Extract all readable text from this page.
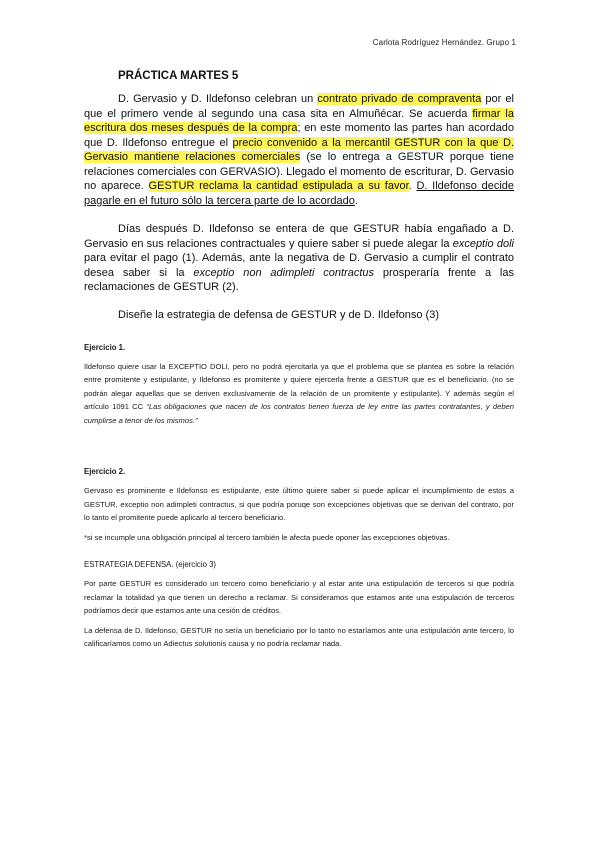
Carlota Rodríguez Hernández. Grupo 1

PRÁCTICA MARTES 5

D. Gervasio y D. Ildefonso celebran un contrato privado de compraventa por el que el primero vende al segundo una casa sita en Almuñécar. Se acuerda firmar la escritura dos meses después de la compra; en este momento las partes han acordado que D. Ildefonso entregue el precio convenido a la mercantil GESTUR con la que D. Gervasio mantiene relaciones comerciales (se lo entrega a GESTUR porque tiene relaciones comerciales con GERVASIO). Llegado el momento de escriturar, D. Gervasio no aparece. GESTUR reclama la cantidad estipulada a su favor. D. Ildefonso decide pagarle en el futuro sólo la tercera parte de lo acordado.

Días después D. Ildefonso se entera de que GESTUR había engañado a D. Gervasio en sus relaciones contractuales y quiere saber si puede alegar la exceptio doli para evitar el pago (1). Además, ante la negativa de D. Gervasio a cumplir el contrato desea saber si la exceptio non adimpleti contractus prosperaría frente a las reclamaciones de GESTUR (2).

Diseñe la estrategia de defensa de GESTUR y de D. Ildefonso (3)

Ejercicio 1.

Ildefonso quiere usar la EXCEPTIO DOLI, pero no podrá ejercitarla ya que el problema que se plantea es sobre la relación entre promitente y estipulante, y Ildefonso es promitente y quiere ejercerla frente a GESTUR que es el beneficiario. (no se podrán alegar aquellas que se deriven exclusivamente de la relación de un promitente y estipulante). Y además según el artículo 1091 CC “Las obligaciones que nacen de los contratos tienen fuerza de ley entre las partes contratantes, y deben cumplirse a tenor de los mismos.”

Ejercicio 2.

Gervaso es prominente e Ildefonso es estipulante, este último quiere saber si puede aplicar el incumplimiento de estos a GESTUR, exceptio non adimpleti contractus, si que podría poruqe son excepciones objetivas que se derivan del contrato, por lo tanto el promitente puede aplicarlo al tercero beneficiario.

*si se incumple una obligación principal al tercero también le afecta puede oponer las excepciones objetivas.

ESTRATEGIA DEFENSA. (ejercicio 3)

Por parte GESTUR es considerado un tercero como beneficiario y al estar ante una estipulación de terceros si que podría reclamar la totalidad ya que tienen un derecho a reclamar. Si consideramos que estamos ante una estipulación de terceros podríamos decir que estamos ante una cesión de créditos.

La defensa de D. Ildefonso, GESTUR no sería un beneficiario por lo tanto no estaríamos ante una estipulación ante tercero, lo calificaríamos como un Adiectus solutionis causa y no podría reclamar nada.
